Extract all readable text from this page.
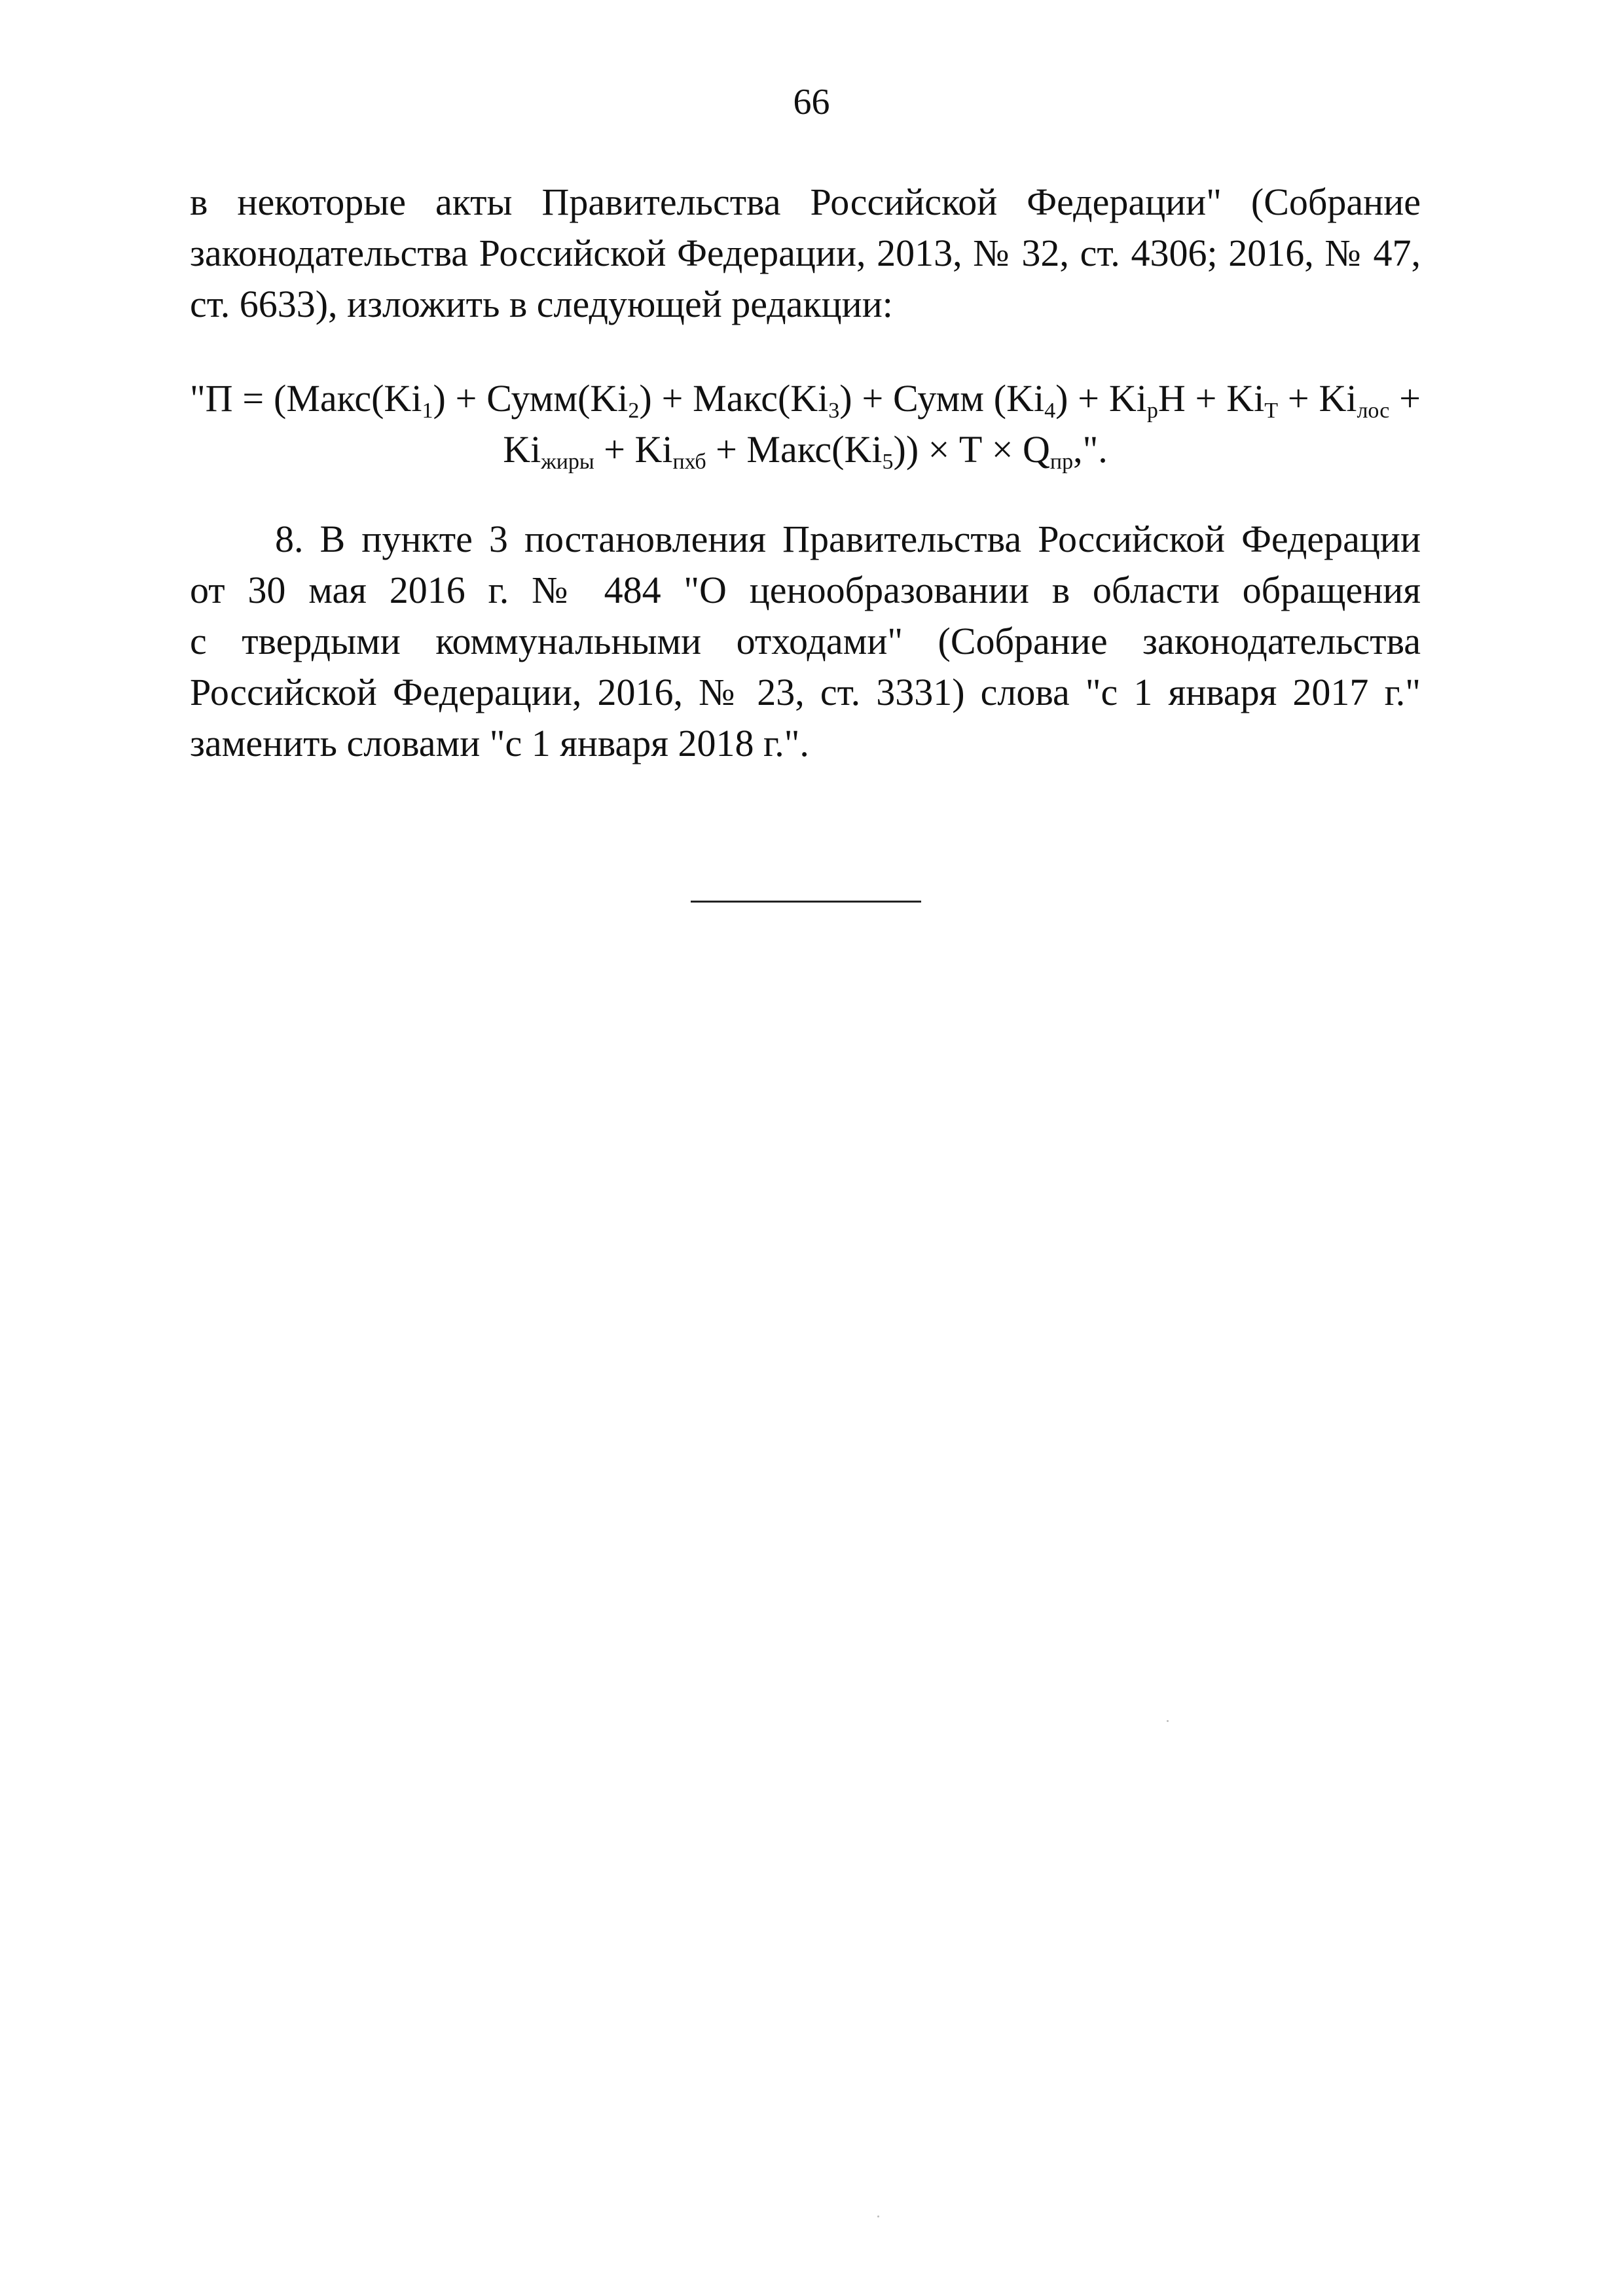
66
в некоторые акты Правительства Российской Федерации" (Собрание
законодательства Российской Федерации, 2013, № 32, ст. 4306; 2016, № 47,
ст. 6633), изложить в следующей редакции:
"$П = (Макс(Ki_1)$ + $Сумм(Ki_2)$ + $Макс(Ki_3)$ + Сумм $(Ki_4) + Ki_рН + Ki_Т + Ki_{лос}$ +
$Ki_{жиры} + Ki_{пхб}$ + $Макс(Ki_5)) \times Т \times Q_{пр}$,".
8. В пункте 3 постановления Правительства Российской Федерации
от 30 мая 2016 г. № 484 "О ценообразовании в области обращения
с твердыми коммунальными отходами" (Собрание законодательства
Российской Федерации, 2016, № 23, ст. 3331) слова "с 1 января 2017 г."
заменить словами "с 1 января 2018 г.".
